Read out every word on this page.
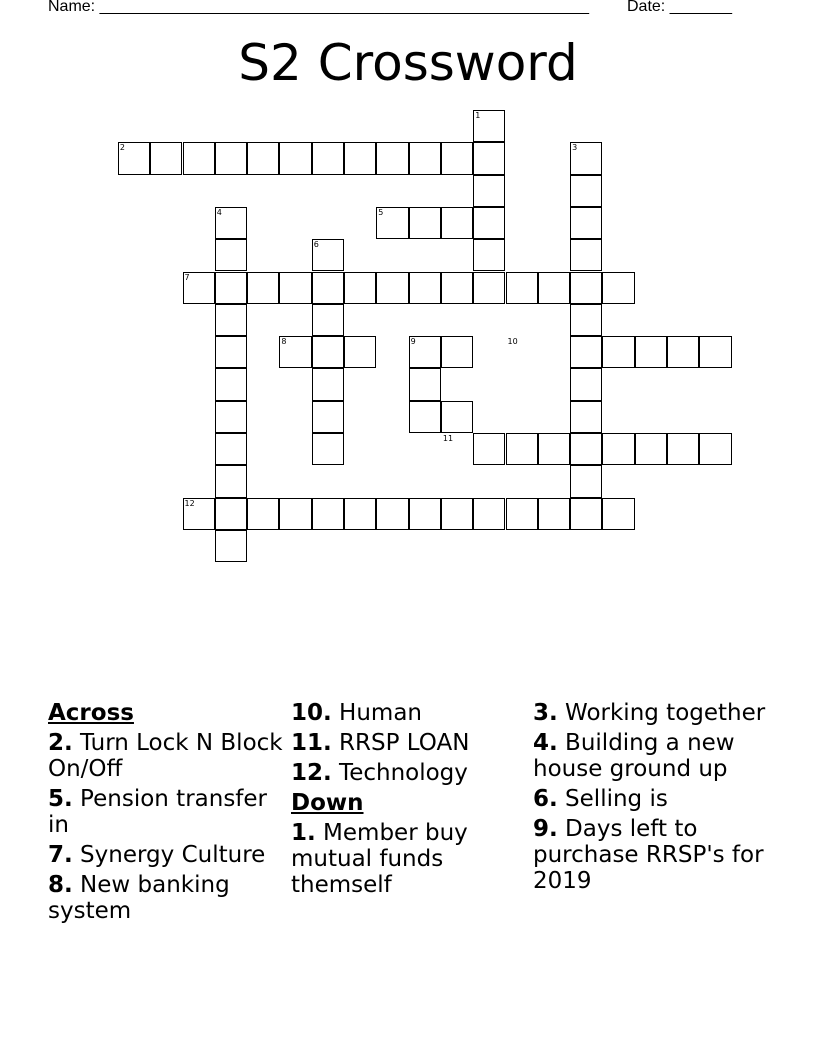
Name: _______________________________________________________ Date: _______
S2 Crossword
1
2	3
4	5
6
7
8	9	10
11
12
Across
2. Turn Lock N Block On/Off
5. Pension transfer in
7. Synergy Culture
8. New banking system
10. Human
11. RRSP LOAN
12. Technology
Down
1. Member buy mutual funds themself
3. Working together
4. Building a new house ground up
6. Selling is
9. Days left to purchase RRSP's for 2019
